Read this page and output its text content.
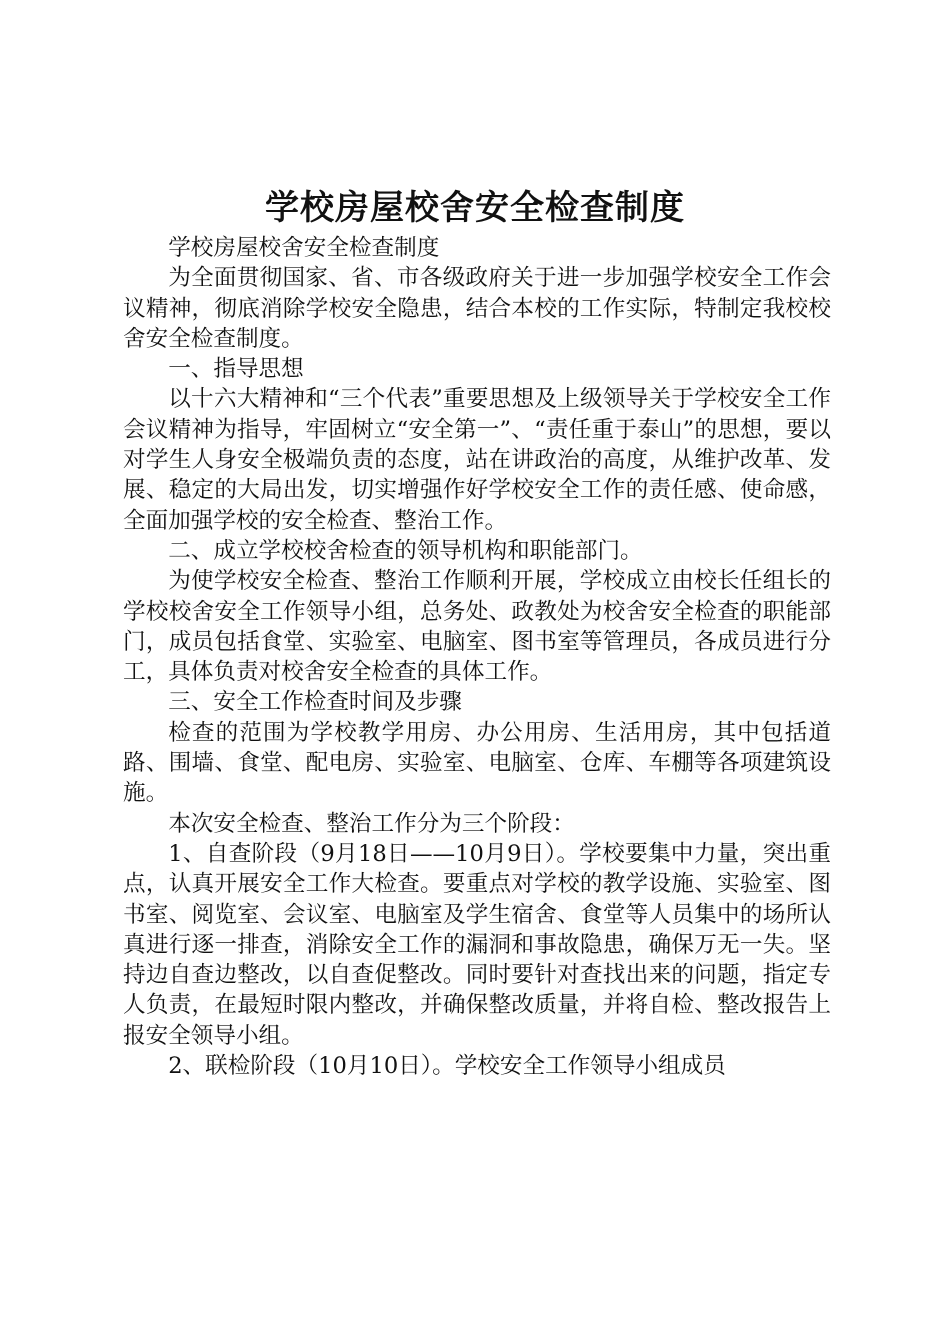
学校房屋校舍安全检查制度

学校房屋校舍安全检查制度

为全面贯彻国家、省、市各级政府关于进一步加强学校安全工作会议精神，彻底消除学校安全隐患，结合本校的工作实际，特制定我校校舍安全检查制度。

一、指导思想

以十六大精神和“三个代表”重要思想及上级领导关于学校安全工作会议精神为指导，牢固树立“安全第一”、“责任重于泰山”的思想，要以对学生人身安全极端负责的态度，站在讲政治的高度，从维护改革、发展、稳定的大局出发，切实增强作好学校安全工作的责任感、使命感，全面加强学校的安全检查、整治工作。

二、成立学校校舍检查的领导机构和职能部门。

为使学校安全检查、整治工作顺利开展，学校成立由校长任组长的学校校舍安全工作领导小组，总务处、政教处为校舍安全检查的职能部门，成员包括食堂、实验室、电脑室、图书室等管理员，各成员进行分工，具体负责对校舍安全检查的具体工作。

三、安全工作检查时间及步骤

检查的范围为学校教学用房、办公用房、生活用房，其中包括道路、围墙、食堂、配电房、实验室、电脑室、仓库、车棚等各项建筑设施。

本次安全检查、整治工作分为三个阶段：

1、自查阶段（9月18日——10月9日）。学校要集中力量，突出重点，认真开展安全工作大检查。要重点对学校的教学设施、实验室、图书室、阅览室、会议室、电脑室及学生宿舍、食堂等人员集中的场所认真进行逐一排查，消除安全工作的漏洞和事故隐患，确保万无一失。坚持边自查边整改，以自查促整改。同时要针对查找出来的问题，指定专人负责，在最短时限内整改，并确保整改质量，并将自检、整改报告上报安全领导小组。

2、联检阶段（10月10日）。学校安全工作领导小组成员
